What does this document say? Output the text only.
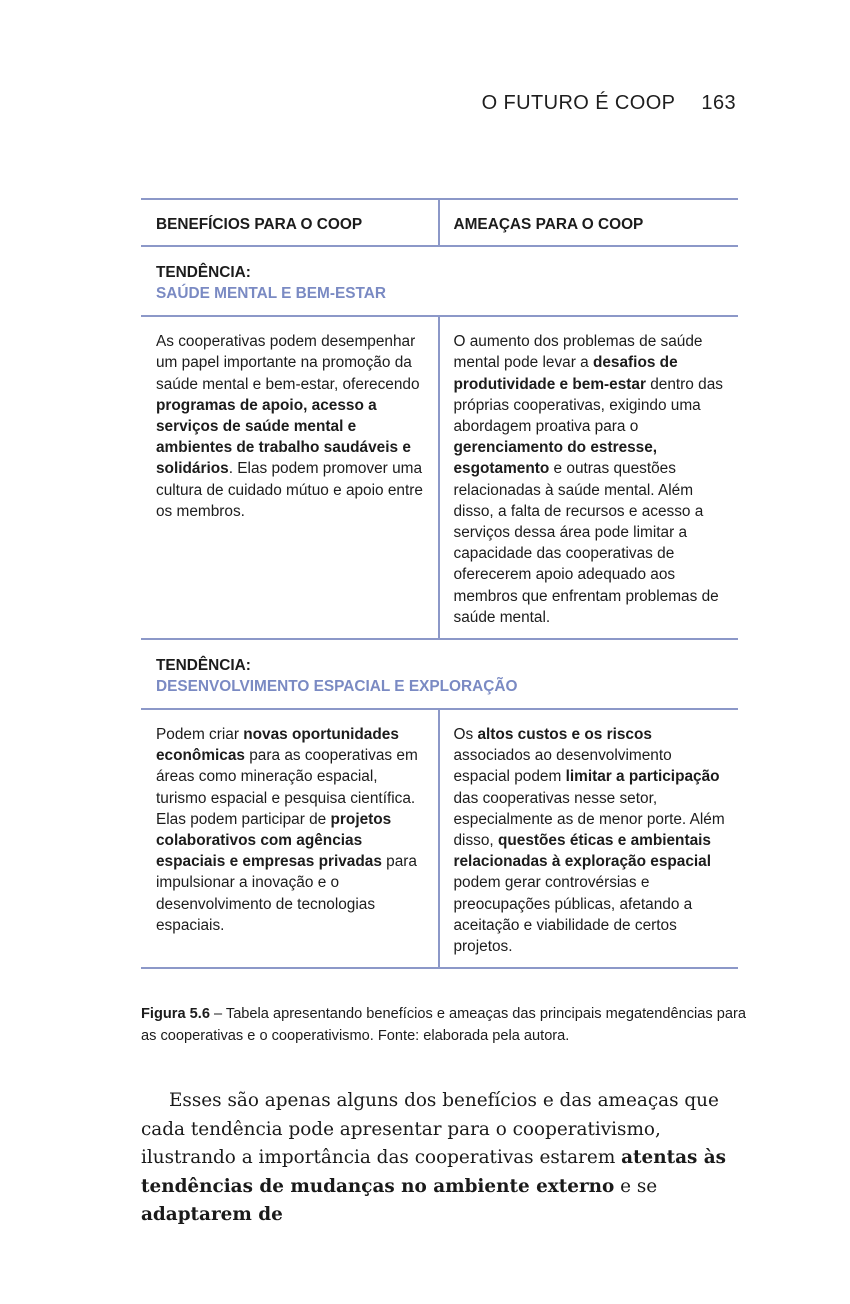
O FUTURO É COOP 163
BENEFÍCIOS PARA O COOP	AMEAÇAS PARA O COOP
TENDÊNCIA:
SAÚDE MENTAL E BEM-ESTAR
As cooperativas podem desempenhar um papel importante na promoção da saúde mental e bem-estar, oferecendo programas de apoio, acesso a serviços de saúde mental e ambientes de trabalho saudáveis e solidários. Elas podem promover uma cultura de cuidado mútuo e apoio entre os membros.
O aumento dos problemas de saúde mental pode levar a desafios de produtividade e bem-estar dentro das próprias cooperativas, exigindo uma abordagem proativa para o gerenciamento do estresse, esgotamento e outras questões relacionadas à saúde mental. Além disso, a falta de recursos e acesso a serviços dessa área pode limitar a capacidade das cooperativas de oferecerem apoio adequado aos membros que enfrentam problemas de saúde mental.
TENDÊNCIA:
DESENVOLVIMENTO ESPACIAL E EXPLORAÇÃO
Podem criar novas oportunidades econômicas para as cooperativas em áreas como mineração espacial, turismo espacial e pesquisa científica. Elas podem participar de projetos colaborativos com agências espaciais e empresas privadas para impulsionar a inovação e o desenvolvimento de tecnologias espaciais.
Os altos custos e os riscos associados ao desenvolvimento espacial podem limitar a participação das cooperativas nesse setor, especialmente as de menor porte. Além disso, questões éticas e ambientais relacionadas à exploração espacial podem gerar controvérsias e preocupações públicas, afetando a aceitação e viabilidade de certos projetos.
Figura 5.6 – Tabela apresentando benefícios e ameaças das principais megatendências para as cooperativas e o cooperativismo. Fonte: elaborada pela autora.
Esses são apenas alguns dos benefícios e das ameaças que cada tendência pode apresentar para o cooperativismo, ilustrando a importância das cooperativas estarem atentas às tendências de mudanças no ambiente externo e se adaptarem de
